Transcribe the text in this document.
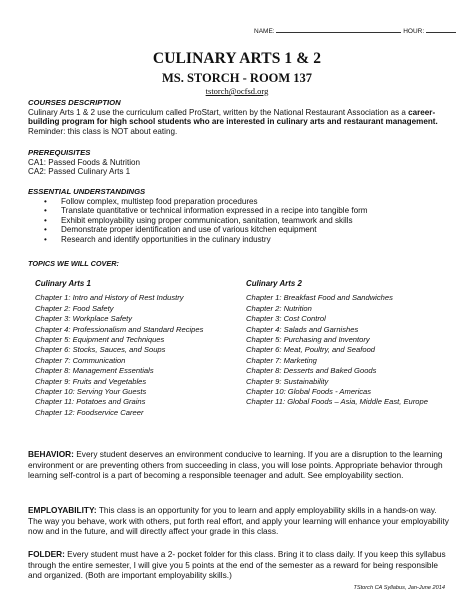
NAME:	HOUR:
CULINARY ARTS 1 & 2
MS. STORCH - ROOM 137
tstorch@ocfsd.org
COURSES DESCRIPTION
Culinary Arts 1 & 2 use the curriculum called ProStart, written by the National Restaurant Association as a career-building program for high school students who are interested in culinary arts and restaurant management.
Reminder: this class is NOT about eating.
PREREQUISITES
CA1: Passed Foods & Nutrition
CA2: Passed Culinary Arts 1
ESSENTIAL UNDERSTANDINGS
• Follow complex, multistep food preparation procedures
• Translate quantitative or technical information expressed in a recipe into tangible form
• Exhibit employability using proper communication, sanitation, teamwork and skills
• Demonstrate proper identification and use of various kitchen equipment
• Research and identify opportunities in the culinary industry
TOPICS WE WILL COVER:
Culinary Arts 1
Chapter 1: Intro and History of Rest Industry
Chapter 2: Food Safety
Chapter 3: Workplace Safety
Chapter 4: Professionalism and Standard Recipes
Chapter 5: Equipment and Techniques
Chapter 6: Stocks, Sauces, and Soups
Chapter 7: Communication
Chapter 8: Management Essentials
Chapter 9: Fruits and Vegetables
Chapter 10: Serving Your Guests
Chapter 11: Potatoes and Grains
Chapter 12: Foodservice Career
Culinary Arts 2
Chapter 1: Breakfast Food and Sandwiches
Chapter 2: Nutrition
Chapter 3: Cost Control
Chapter 4: Salads and Garnishes
Chapter 5: Purchasing and Inventory
Chapter 6: Meat, Poultry, and Seafood
Chapter 7: Marketing
Chapter 8: Desserts and Baked Goods
Chapter 9: Sustainability
Chapter 10: Global Foods - Americas
Chapter 11: Global Foods – Asia, Middle East, Europe
BEHAVIOR: Every student deserves an environment conducive to learning. If you are a disruption to the learning environment or are preventing others from succeeding in class, you will lose points. Appropriate behavior through learning self-control is a part of becoming a responsible teenager and adult. See employability section.
EMPLOYABILITY: This class is an opportunity for you to learn and apply employability skills in a hands-on way. The way you behave, work with others, put forth real effort, and apply your learning will enhance your employability now and in the future, and will directly affect your grade in this class.
FOLDER: Every student must have a 2- pocket folder for this class. Bring it to class daily. If you keep this syllabus through the entire semester, I will give you 5 points at the end of the semester as a reward for being responsible and organized. (Both are important employability skills.)
TStorch CA Syllabus, Jan-June 2014
